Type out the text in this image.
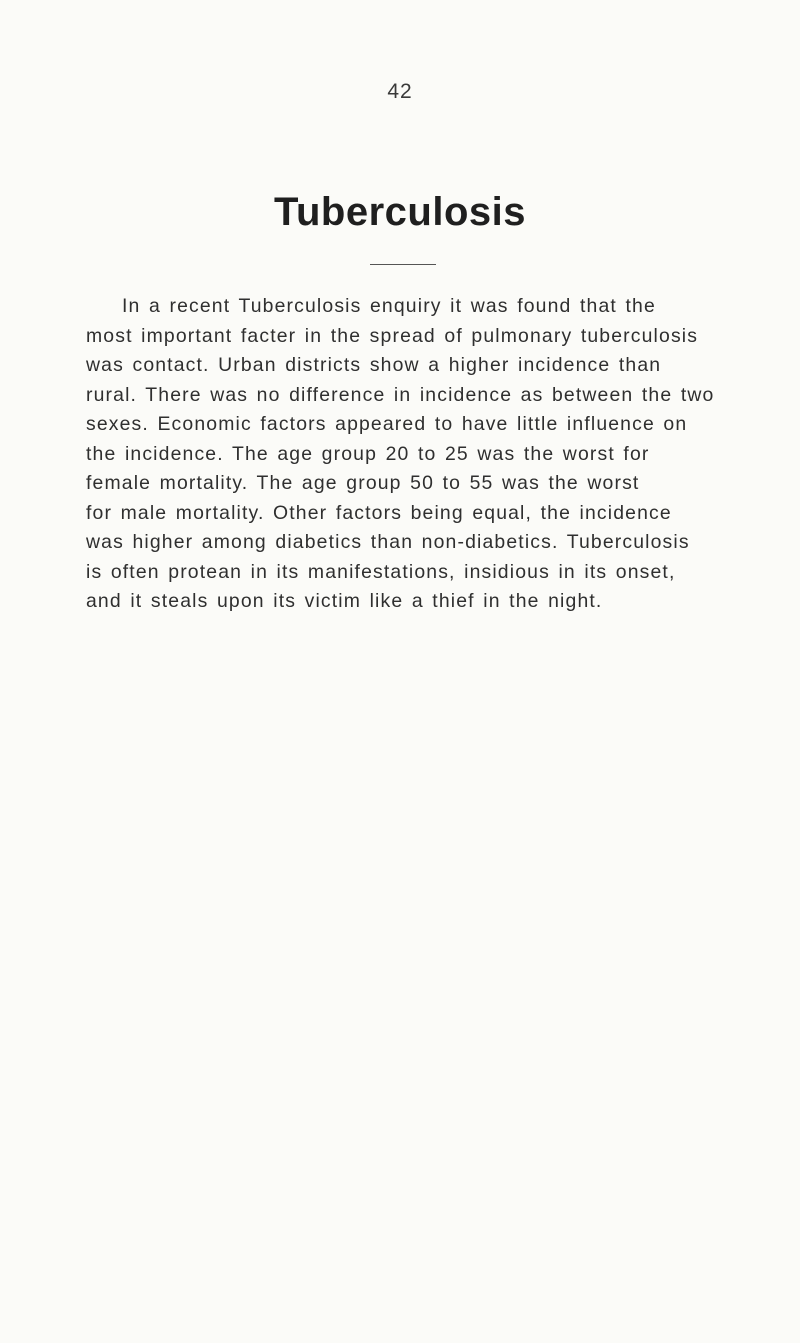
42
Tuberculosis

In a recent Tuberculosis enquiry it was found that the
most important facter in the spread of pulmonary tuberculosis
was contact. Urban districts show a higher incidence than
rural. There was no difference in incidence as between the two
sexes. Economic factors appeared to have little influence on
the incidence. The age group 20 to 25 was the worst for
female mortality. The age group 50 to 55 was the worst
for male mortality. Other factors being equal, the incidence
was higher among diabetics than non-diabetics. Tuberculosis
is often protean in its manifestations, insidious in its onset,
and it steals upon its victim like a thief in the night.
